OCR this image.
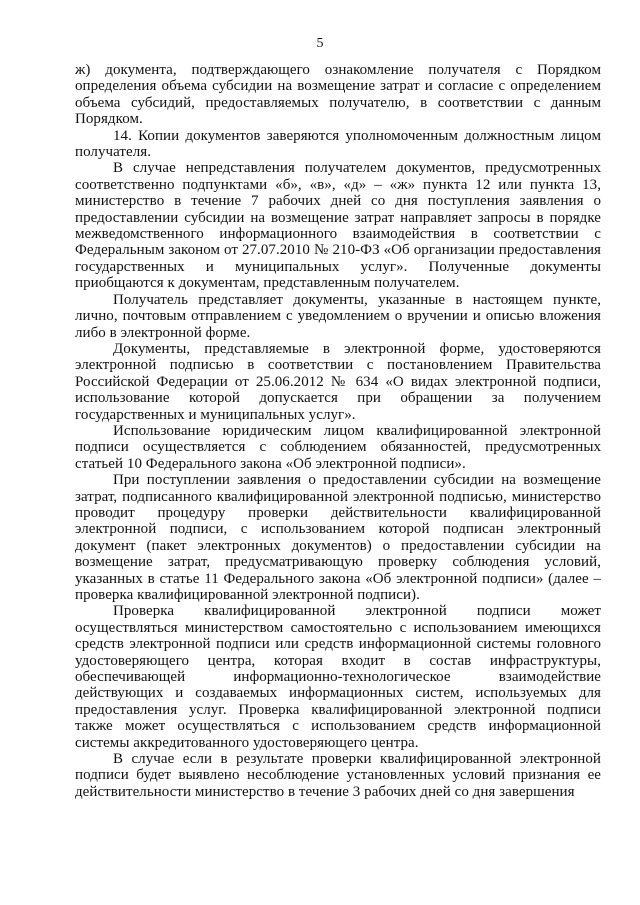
5

ж) документа, подтверждающего ознакомление получателя с Порядком определения объема субсидии на возмещение затрат и согласие с определением объема субсидий, предоставляемых получателю, в соответствии с данным Порядком.

14. Копии документов заверяются уполномоченным должностным лицом получателя.

В случае непредставления получателем документов, предусмотренных соответственно подпунктами «б», «в», «д» – «ж» пункта 12 или пункта 13, министерство в течение 7 рабочих дней со дня поступления заявления о предоставлении субсидии на возмещение затрат направляет запросы в порядке межведомственного информационного взаимодействия в соответствии с Федеральным законом от 27.07.2010 № 210-ФЗ «Об организации предоставления государственных и муниципальных услуг». Полученные документы приобщаются к документам, представленным получателем.

Получатель представляет документы, указанные в настоящем пункте, лично, почтовым отправлением с уведомлением о вручении и описью вложения либо в электронной форме.

Документы, представляемые в электронной форме, удостоверяются электронной подписью в соответствии с постановлением Правительства Российской Федерации от 25.06.2012 № 634 «О видах электронной подписи, использование которой допускается при обращении за получением государственных и муниципальных услуг».

Использование юридическим лицом квалифицированной электронной подписи осуществляется с соблюдением обязанностей, предусмотренных статьей 10 Федерального закона «Об электронной подписи».

При поступлении заявления о предоставлении субсидии на возмещение затрат, подписанного квалифицированной электронной подписью, министерство проводит процедуру проверки действительности квалифицированной электронной подписи, с использованием которой подписан электронный документ (пакет электронных документов) о предоставлении субсидии на возмещение затрат, предусматривающую проверку соблюдения условий, указанных в статье 11 Федерального закона «Об электронной подписи» (далее – проверка квалифицированной электронной подписи).

Проверка квалифицированной электронной подписи может осуществляться министерством самостоятельно с использованием имеющихся средств электронной подписи или средств информационной системы головного удостоверяющего центра, которая входит в состав инфраструктуры, обеспечивающей информационно-технологическое взаимодействие действующих и создаваемых информационных систем, используемых для предоставления услуг. Проверка квалифицированной электронной подписи также может осуществляться с использованием средств информационной системы аккредитованного удостоверяющего центра.

В случае если в результате проверки квалифицированной электронной подписи будет выявлено несоблюдение установленных условий признания ее действительности министерство в течение 3 рабочих дней со дня завершения
